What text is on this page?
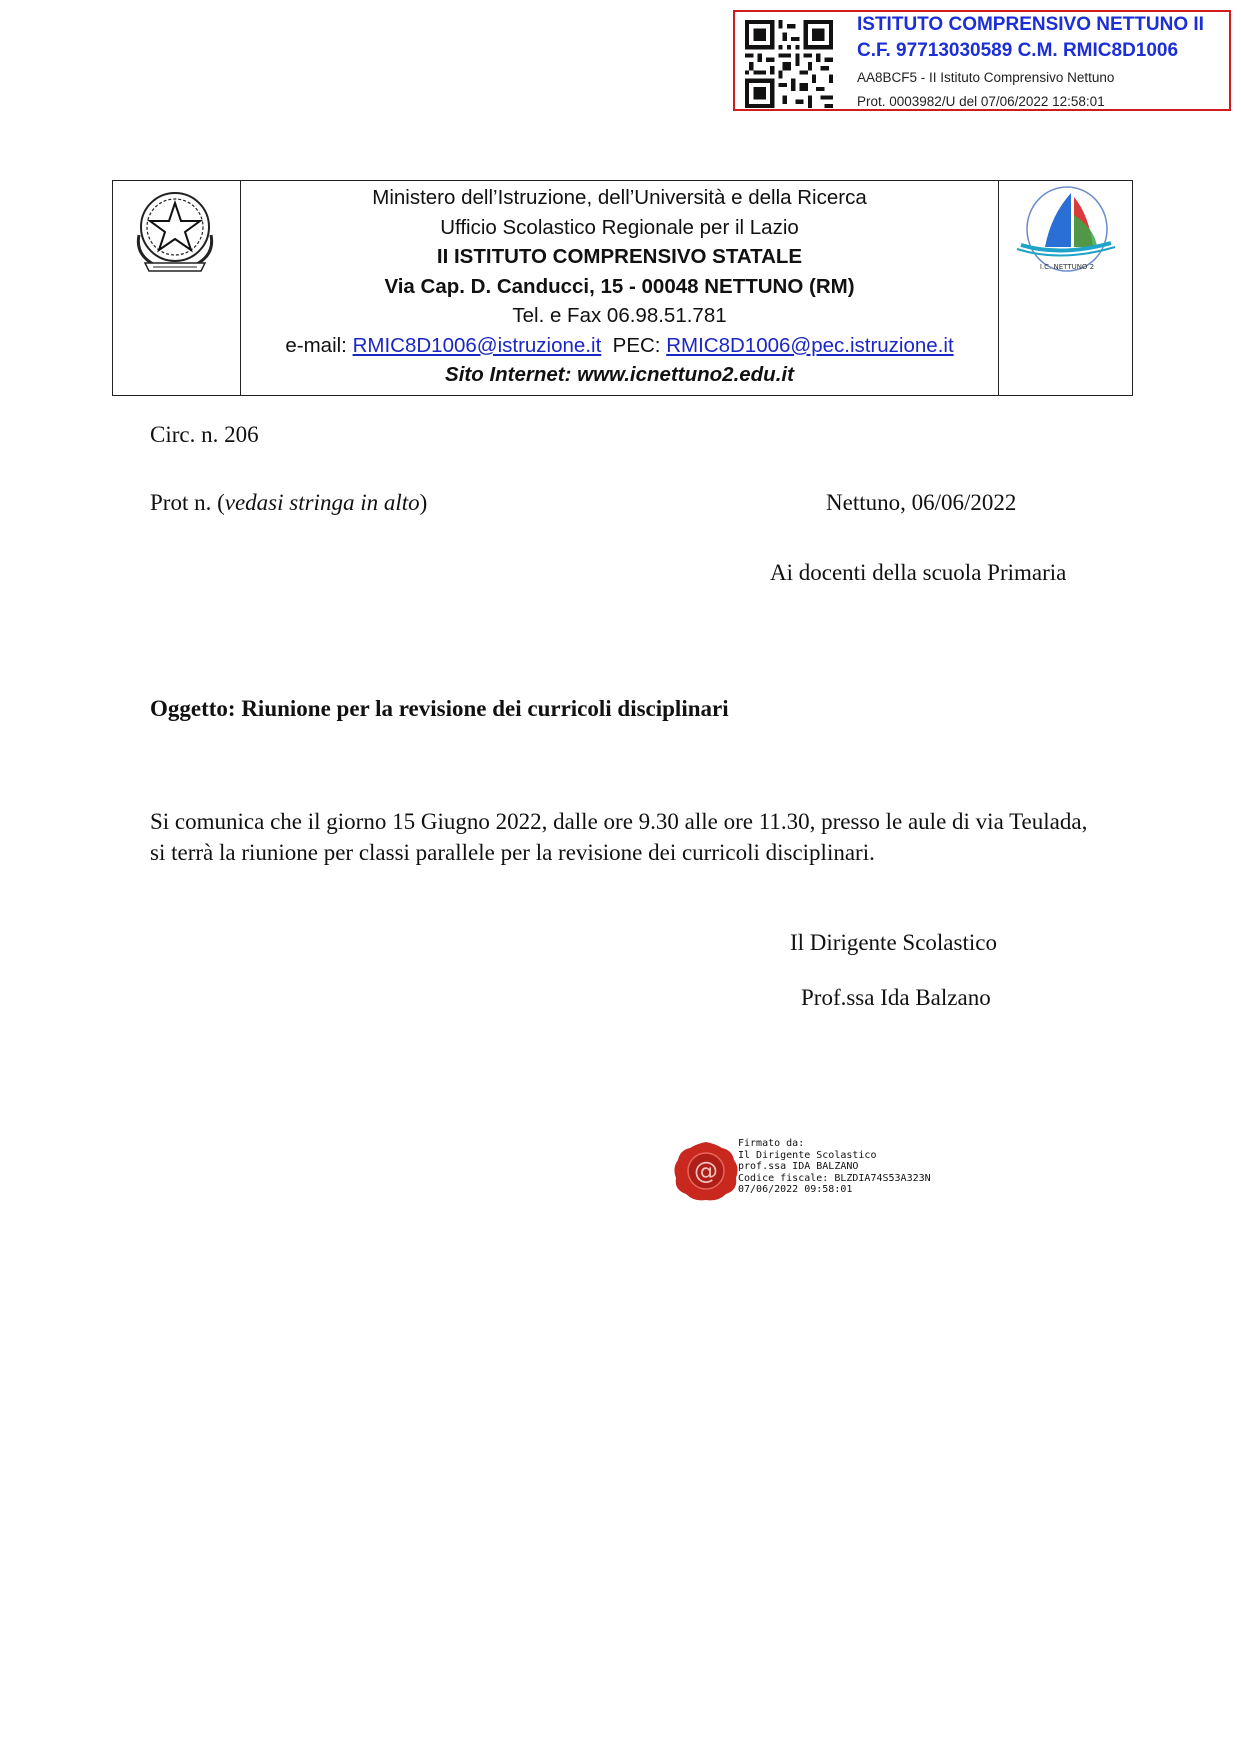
ISTITUTO COMPRENSIVO NETTUNO II
C.F. 97713030589 C.M. RMIC8D1006
AA8BCF5 - II Istituto Comprensivo Nettuno
Prot. 0003982/U del 07/06/2022 12:58:01
Ministero dell’Istruzione, dell’Università e della Ricerca
Ufficio Scolastico Regionale per il Lazio
II ISTITUTO COMPRENSIVO STATALE
Via Cap. D. Canducci, 15 - 00048 NETTUNO (RM)
Tel. e Fax 06.98.51.781
e-mail: RMIC8D1006@istruzione.it  PEC: RMIC8D1006@pec.istruzione.it
Sito Internet: www.icnettuno2.edu.it
I.C. NETTUNO 2
Circ. n. 206
Prot n. (vedasi stringa in alto)	Nettuno, 06/06/2022
Ai docenti della scuola Primaria
Oggetto: Riunione per la revisione dei curricoli disciplinari
Si comunica che il giorno 15 Giugno 2022, dalle ore 9.30 alle ore 11.30, presso le aule di via Teulada, si terrà la riunione per classi parallele per la revisione dei curricoli disciplinari.
Il Dirigente Scolastico
Prof.ssa Ida Balzano
@
Firmato da:
Il Dirigente Scolastico
prof.ssa IDA BALZANO
Codice fiscale: BLZDIA74S53A323N
07/06/2022 09:58:01
